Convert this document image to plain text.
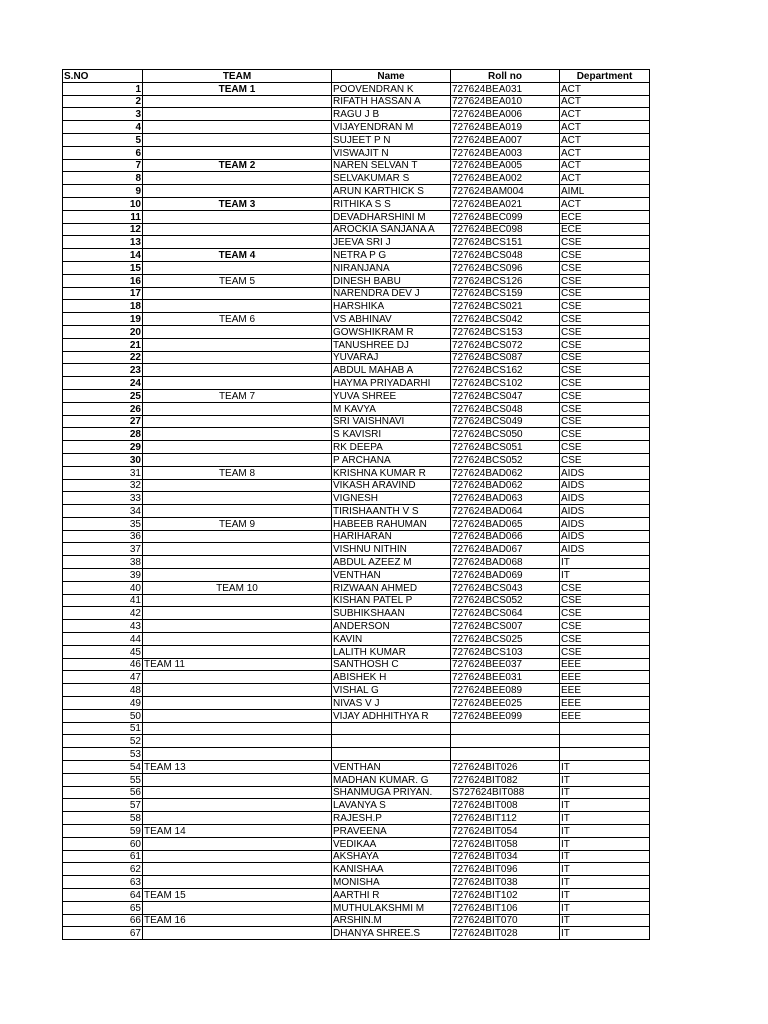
S.NO	TEAM	Name	Roll no	Department
1	TEAM 1	POOVENDRAN K	727624BEA031	ACT
2		RIFATH HASSAN A	727624BEA010	ACT
3		RAGU J B	727624BEA006	ACT
4		VIJAYENDRAN M	727624BEA019	ACT
5		SUJEET P N	727624BEA007	ACT
6		VISWAJIT N	727624BEA003	ACT
7	TEAM 2	NAREN SELVAN T	727624BEA005	ACT
8		SELVAKUMAR S	727624BEA002	ACT
9		ARUN KARTHICK S	727624BAM004	AIML
10	TEAM 3	RITHIKA S S	727624BEA021	ACT
11		DEVADHARSHINI M	727624BEC099	ECE
12		AROCKIA SANJANA A	727624BEC098	ECE
13		JEEVA SRI J	727624BCS151	CSE
14	TEAM 4	NETRA P G	727624BCS048	CSE
15		NIRANJANA	727624BCS096	CSE
16	TEAM 5	DINESH BABU	727624BCS126	CSE
17		NARENDRA DEV J	727624BCS159	CSE
18		HARSHIKA	727624BCS021	CSE
19	TEAM 6	VS ABHINAV	727624BCS042	CSE
20		GOWSHIKRAM R	727624BCS153	CSE
21		TANUSHREE DJ	727624BCS072	CSE
22		YUVARAJ	727624BCS087	CSE
23		ABDUL MAHAB A	727624BCS162	CSE
24		HAYMA PRIYADARHI	727624BCS102	CSE
25	TEAM 7	YUVA SHREE	727624BCS047	CSE
26		M KAVYA	727624BCS048	CSE
27		SRI VAISHNAVI	727624BCS049	CSE
28		S KAVISRI	727624BCS050	CSE
29		RK DEEPA	727624BCS051	CSE
30		P ARCHANA	727624BCS052	CSE
31	TEAM 8	KRISHNA KUMAR R	727624BAD062	AIDS
32		VIKASH ARAVIND	727624BAD062	AIDS
33		VIGNESH	727624BAD063	AIDS
34		TIRISHAANTH V S	727624BAD064	AIDS
35	TEAM 9	HABEEB RAHUMAN	727624BAD065	AIDS
36		HARIHARAN	727624BAD066	AIDS
37		VISHNU NITHIN	727624BAD067	AIDS
38		ABDUL AZEEZ M	727624BAD068	IT
39		VENTHAN	727624BAD069	IT
40	TEAM 10	RIZWAAN AHMED	727624BCS043	CSE
41		KISHAN PATEL P	727624BCS052	CSE
42		SUBHIKSHAAN	727624BCS064	CSE
43		ANDERSON	727624BCS007	CSE
44		KAVIN	727624BCS025	CSE
45		LALITH KUMAR	727624BCS103	CSE
46	TEAM 11	SANTHOSH C	727624BEE037	EEE
47		ABISHEK H	727624BEE031	EEE
48		VISHAL G	727624BEE089	EEE
49		NIVAS V J	727624BEE025	EEE
50		VIJAY ADHHITHYA R	727624BEE099	EEE
51				
52				
53				
54	TEAM 13	VENTHAN	727624BIT026	IT
55		MADHAN KUMAR. G	727624BIT082	IT
56		SHANMUGA PRIYAN.	S727624BIT088	IT
57		LAVANYA S	727624BIT008	IT
58		RAJESH.P	727624BIT112	IT
59	TEAM 14	PRAVEENA	727624BIT054	IT
60		VEDIKAA	727624BIT058	IT
61		AKSHAYA	727624BIT034	IT
62		KANISHAA	727624BIT096	IT
63		MONISHA	727624BIT038	IT
64	TEAM 15	AARTHI R	727624BIT102	IT
65		MUTHULAKSHMI M	727624BIT106	IT
66	TEAM 16	ARSHIN.M	727624BIT070	IT
67		DHANYA SHREE.S	727624BIT028	IT
